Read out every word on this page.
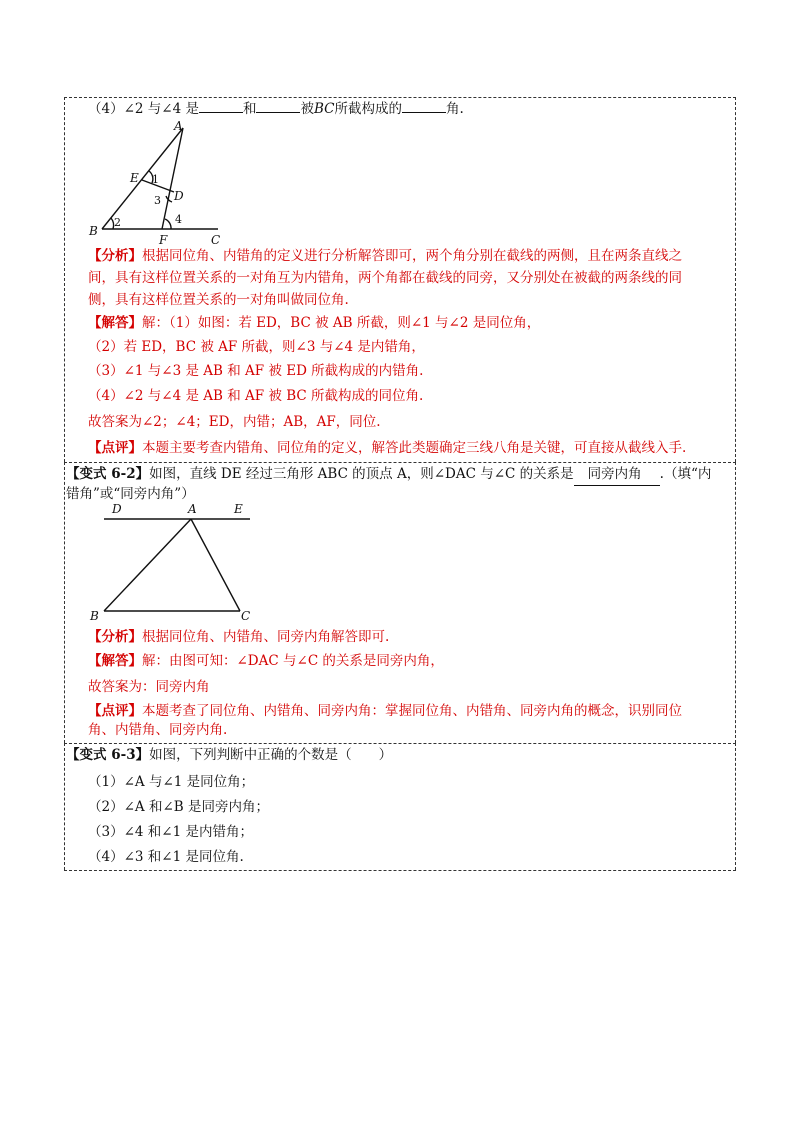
（4）∠2 与∠4 是	和	被BC所截构成的	角.
A
E
D
B
F	C
1
3
4
2
【分析】根据同位角、内错角的定义进行分析解答即可，两个角分别在截线的两侧，且在两条直线之
间，具有这样位置关系的一对角互为内错角，两个角都在截线的同旁，又分别处在被截的两条线的同
侧，具有这样位置关系的一对角叫做同位角.
【解答】解：（1）如图：若 ED，BC 被 AB 所截，则∠1 与∠2 是同位角，
（2）若 ED，BC 被 AF 所截，则∠3 与∠4 是内错角，
（3）∠1 与∠3 是 AB 和 AF 被 ED 所截构成的内错角.
（4）∠2 与∠4 是 AB 和 AF 被 BC 所截构成的同位角.
故答案为∠2；∠4；ED，内错；AB，AF，同位.
【点评】本题主要考查内错角、同位角的定义，解答此类题确定三线八角是关键，可直接从截线入手.
【变式 6-2】如图，直线 DE 经过三角形 ABC 的顶点 A，则∠DAC 与∠C 的关系是 同旁内角 .（填“内
错角”或“同旁内角”）
D	A	E
B	C
【分析】根据同位角、内错角、同旁内角解答即可.
【解答】解：由图可知：∠DAC 与∠C 的关系是同旁内角，
故答案为：同旁内角
【点评】本题考查了同位角、内错角、同旁内角：掌握同位角、内错角、同旁内角的概念，识别同位
角、内错角、同旁内角.
【变式 6-3】如图，下列判断中正确的个数是（　　）
（1）∠A 与∠1 是同位角；
（2）∠A 和∠B 是同旁内角；
（3）∠4 和∠1 是内错角；
（4）∠3 和∠1 是同位角.
